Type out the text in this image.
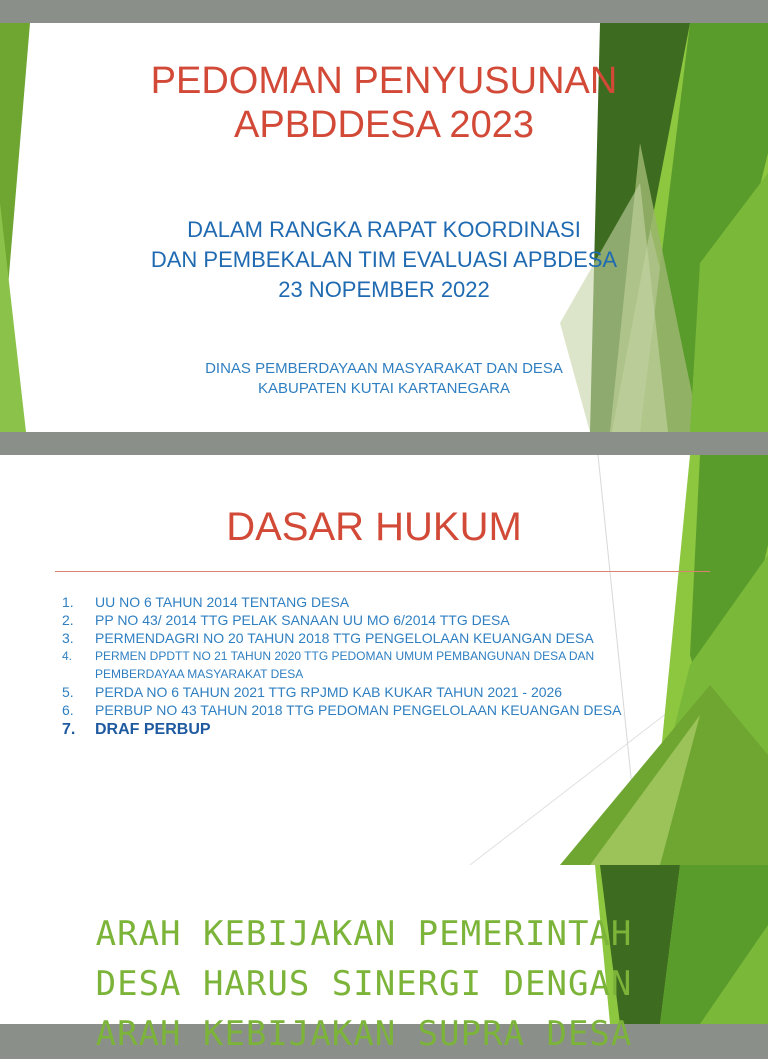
PEDOMAN PENYUSUNAN
APBDDESA 2023
DALAM RANGKA RAPAT KOORDINASI
DAN PEMBEKALAN TIM EVALUASI APBDESA
23 NOPEMBER 2022
DINAS PEMBERDAYAAN MASYARAKAT DAN DESA
KABUPATEN KUTAI KARTANEGARA
DASAR HUKUM
1. UU NO 6 TAHUN 2014 TENTANG DESA
2. PP NO 43/ 2014 TTG PELAK SANAAN UU MO 6/2014 TTG DESA
3. PERMENDAGRI NO 20 TAHUN 2018 TTG PENGELOLAAN KEUANGAN DESA
4. PERMEN DPDTT NO 21 TAHUN 2020 TTG PEDOMAN UMUM PEMBANGUNAN DESA DAN
PEMBERDAYAA MASYARAKAT DESA
5. PERDA NO 6 TAHUN 2021 TTG RPJMD KAB KUKAR TAHUN 2021 - 2026
6. PERBUP NO 43 TAHUN 2018 TTG PEDOMAN PENGELOLAAN KEUANGAN DESA
7. DRAF PERBUP
ARAH KEBIJAKAN PEMERINTAH
DESA HARUS SINERGI DENGAN
ARAH KEBIJAKAN SUPRA DESA
